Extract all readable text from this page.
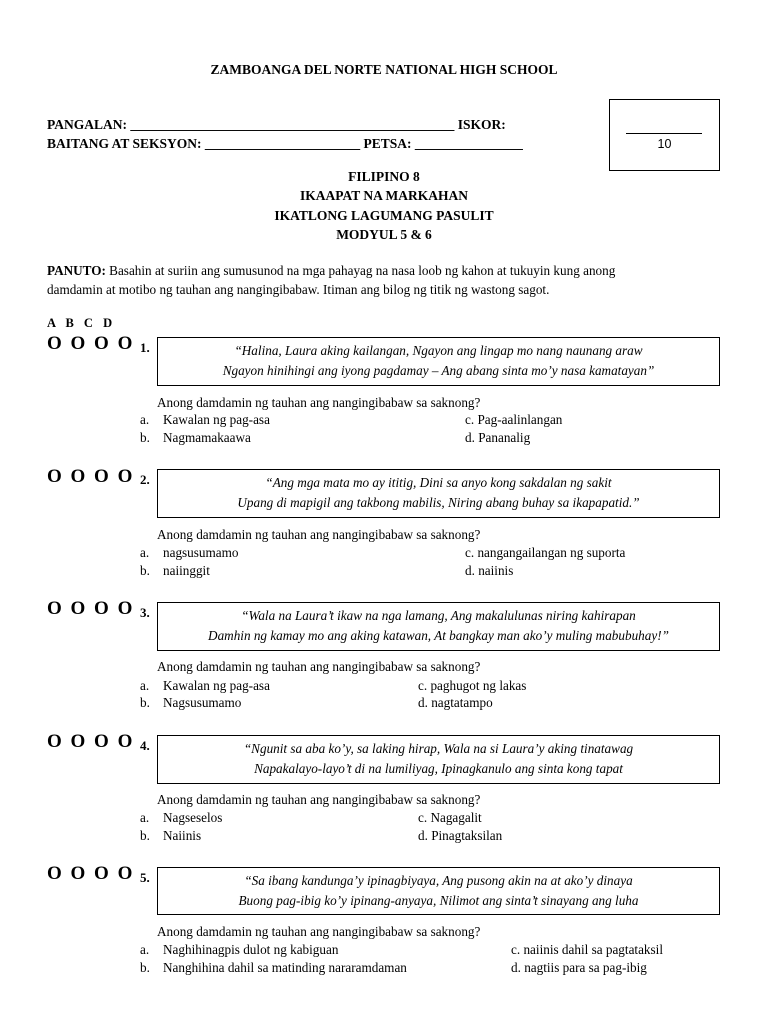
ZAMBOANGA DEL NORTE NATIONAL HIGH SCHOOL
PANGALAN: ________________________________________________ ISKOR:
BAITANG AT SEKSYON: _______________________ PETSA: ________________	10
FILIPINO 8
IKAAPAT NA MARKAHAN
IKATLONG LAGUMANG PASULIT
MODYUL 5 & 6
PANUTO: Basahin at suriin ang sumusunod na mga pahayag na nasa loob ng kahon at tukuyin kung anong
damdamin at motibo ng tauhan ang nangingibabaw. Itiman ang bilog ng titik ng wastong sagot.
A B C D
O O O O 1.	“Halina, Laura aking kailangan, Ngayon ang lingap mo nang naunang araw
Ngayon hinihingi ang iyong pagdamay – Ang abang sinta mo’y nasa kamatayan”
Anong damdamin ng tauhan ang nangingibabaw sa saknong?
a. Kawalan ng pag-asa
b. Nagmamakaawa
c. Pag-aalinlangan
d. Pananalig
O O O O 2.	“Ang mga mata mo ay ititig, Dini sa anyo kong sakdalan ng sakit
Upang di mapigil ang takbong mabilis, Niring abang buhay sa ikapapatid.”
Anong damdamin ng tauhan ang nangingibabaw sa saknong?
a. nagsusumamo
b. naiinggit
c. nangangailangan ng suporta
d. naiinis
O O O O 3.	“Wala na Laura’t ikaw na nga lamang, Ang makalulunas niring kahirapan
Damhin ng kamay mo ang aking katawan, At bangkay man ako’y muling mabubuhay!”
Anong damdamin ng tauhan ang nangingibabaw sa saknong?
a. Kawalan ng pag-asa
b. Nagsusumamo
c. paghugot ng lakas
d. nagtatampo
O O O O 4.	“Ngunit sa aba ko’y, sa laking hirap, Wala na si Laura’y aking tinatawag
Napakalayo-layo’t di na lumiliyag, Ipinagkanulo ang sinta kong tapat
Anong damdamin ng tauhan ang nangingibabaw sa saknong?
a. Nagseselos
b. Naiinis
c. Nagagalit
d. Pinagtaksilan
O O O O 5.	“Sa ibang kandunga’y ipinagbiyaya, Ang pusong akin na at ako’y dinaya
Buong pag-ibig ko’y ipinang-anyaya, Nilimot ang sinta’t sinayang ang luha
Anong damdamin ng tauhan ang nangingibabaw sa saknong?
a. Naghihinagpis dulot ng kabiguan
b. Nanghihina dahil sa matinding nararamdaman
c. naiinis dahil sa pagtataksil
d. nagtiis para sa pag-ibig
